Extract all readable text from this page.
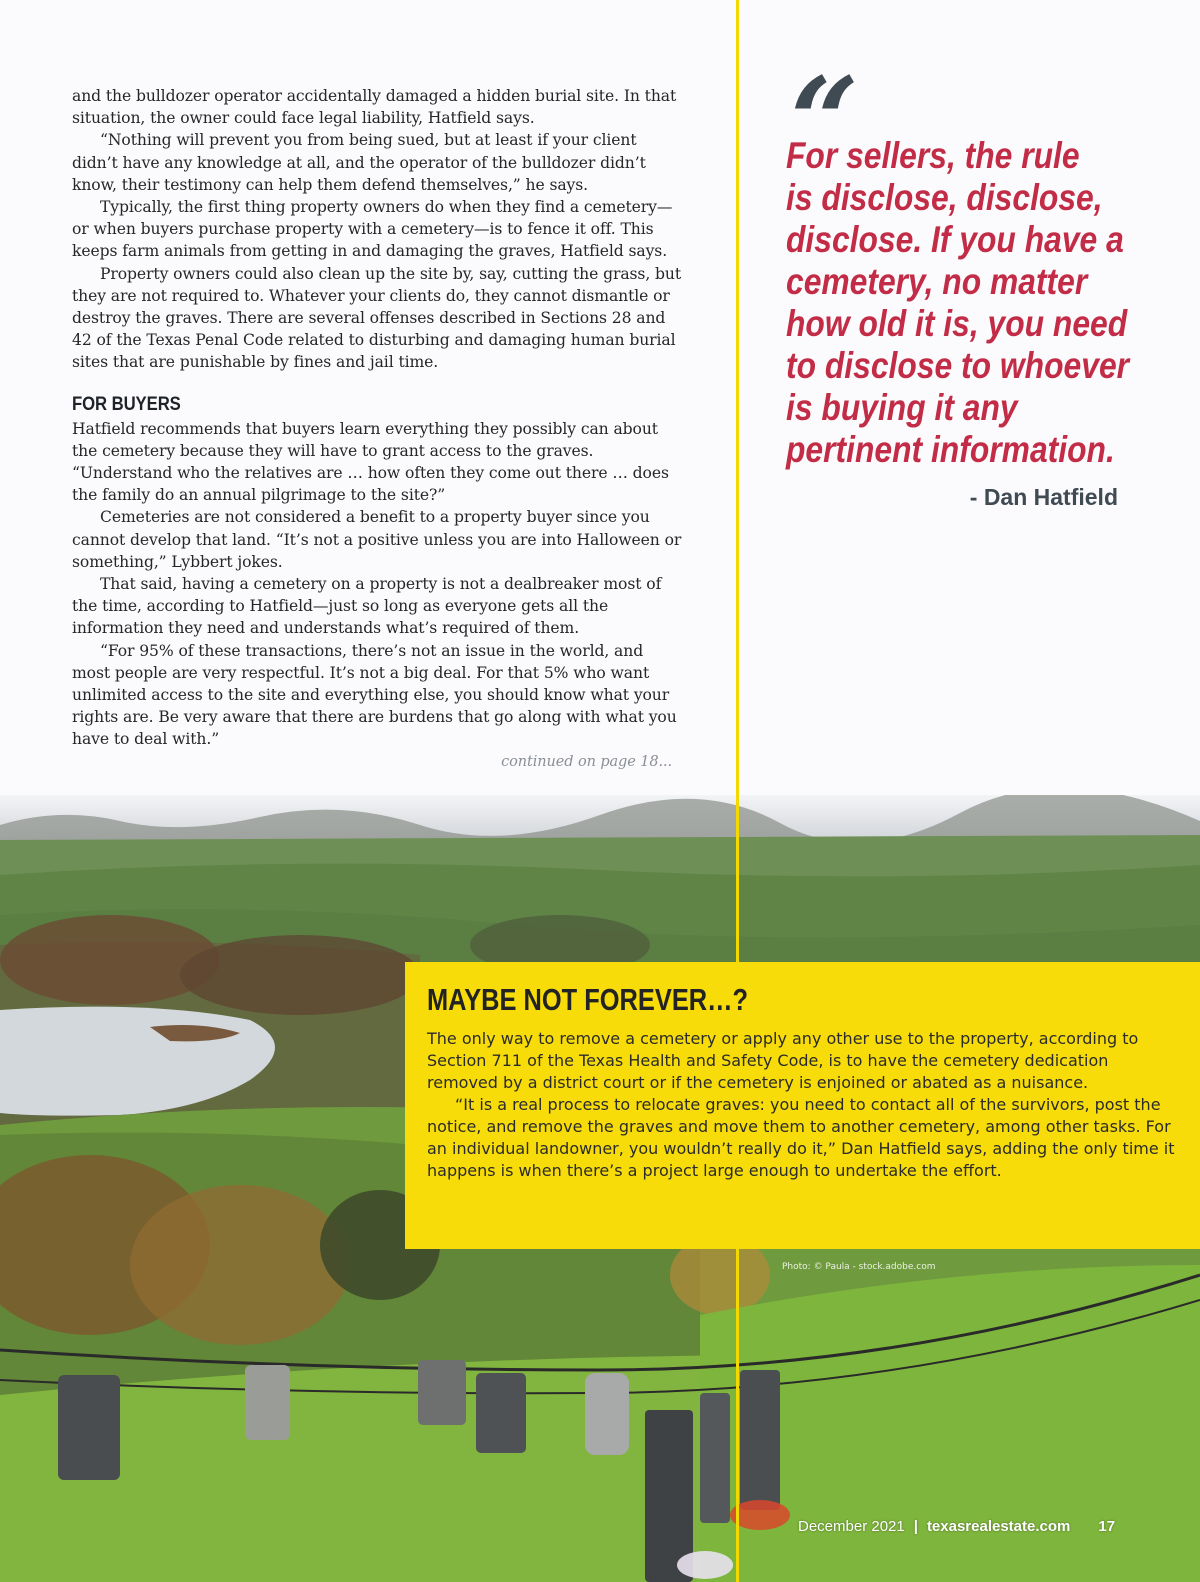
Photo: © Paula - stock.adobe.com

and the bulldozer operator accidentally damaged a hidden burial site. In that situation, the owner could face legal liability, Hatfield says.

“Nothing will prevent you from being sued, but at least if your client didn’t have any knowledge at all, and the operator of the bulldozer didn’t know, their testimony can help them defend themselves,” he says.

Typically, the first thing property owners do when they find a cemetery—or when buyers purchase property with a cemetery—is to fence it off. This keeps farm animals from getting in and damaging the graves, Hatfield says.

Property owners could also clean up the site by, say, cutting the grass, but they are not required to. Whatever your clients do, they cannot dismantle or destroy the graves. There are several offenses described in Sections 28 and 42 of the Texas Penal Code related to disturbing and damaging human burial sites that are punishable by fines and jail time.

FOR BUYERS

Hatfield recommends that buyers learn everything they possibly can about the cemetery because they will have to grant access to the graves. “Understand who the relatives are … how often they come out there … does the family do an annual pilgrimage to the site?”

Cemeteries are not considered a benefit to a property buyer since you cannot develop that land. “It’s not a positive unless you are into Halloween or something,” Lybbert jokes.

That said, having a cemetery on a property is not a dealbreaker most of the time, according to Hatfield—just so long as everyone gets all the information they need and understands what’s required of them.

“For 95% of these transactions, there’s not an issue in the world, and most people are very respectful. It’s not a big deal. For that 5% who want unlimited access to the site and everything else, you should know what your rights are. Be very aware that there are burdens that go along with what you have to deal with.”

continued on page 18...
“
For sellers, the rule
is disclose, disclose,
disclose. If you have a
cemetery, no matter
how old it is, you need
to disclose to whoever
is buying it any
pertinent information.
- Dan Hatfield
MAYBE NOT FOREVER…?

The only way to remove a cemetery or apply any other use to the property, according to Section 711 of the Texas Health and Safety Code, is to have the cemetery dedication removed by a district court or if the cemetery is enjoined or abated as a nuisance.

“It is a real process to relocate graves: you need to contact all of the survivors, post the notice, and remove the graves and move them to another cemetery, among other tasks. For an individual landowner, you wouldn’t really do it,” Dan Hatfield says, adding the only time it happens is when there’s a project large enough to undertake the effort.

December 2021 | texasrealestate.com 17
